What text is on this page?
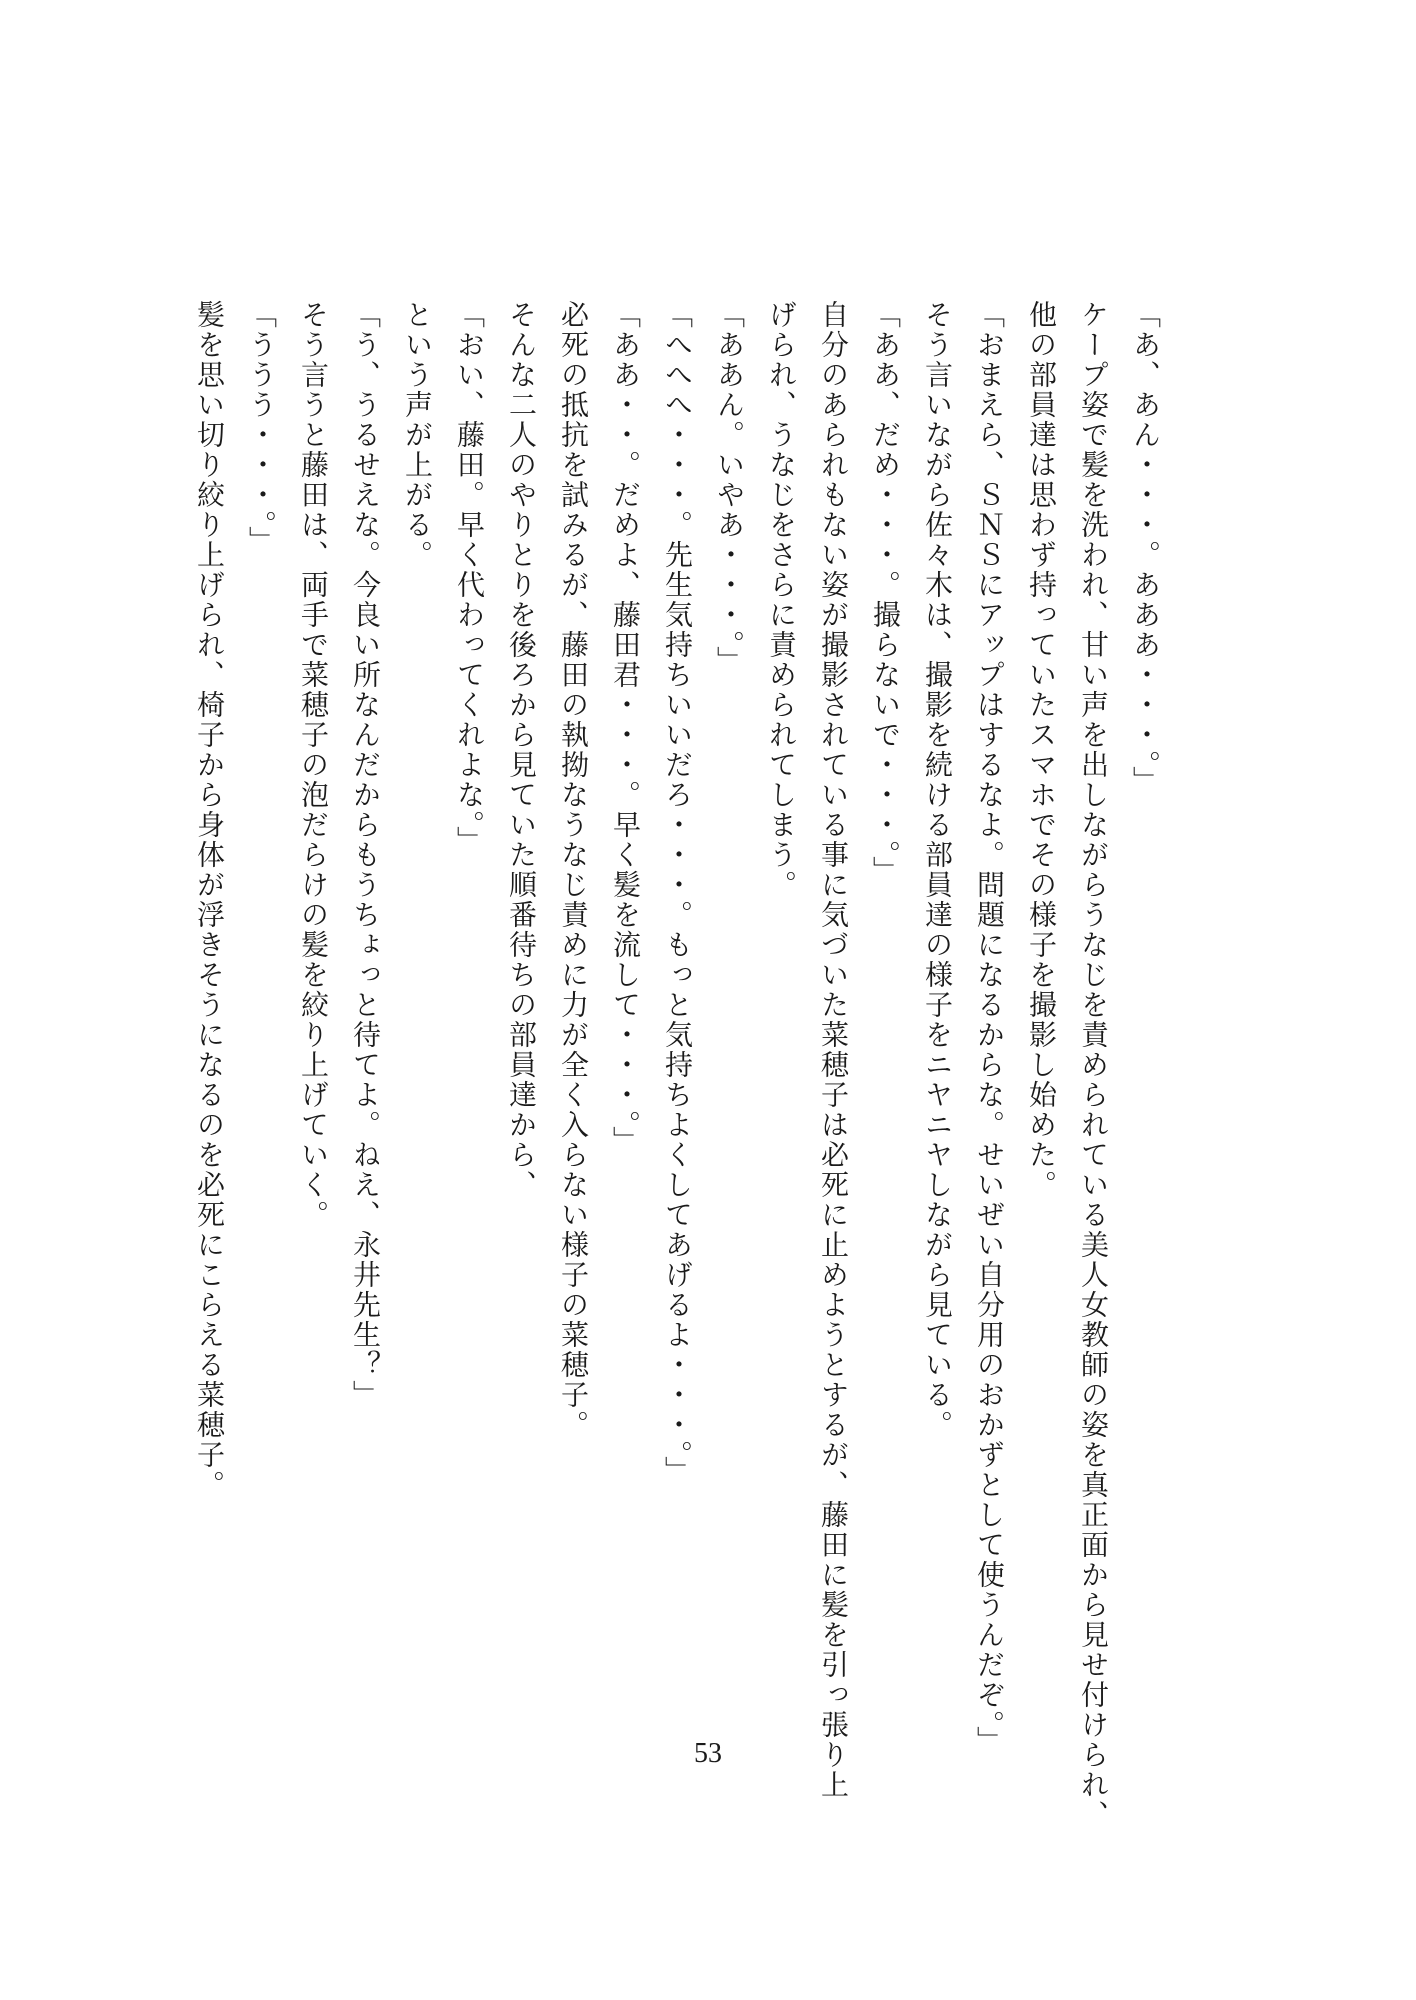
「あ、あん・・・。あああ・・・。」

ケープ姿で髪を洗われ、甘い声を出しながらうなじを責められている美人女教師の姿を真正面から見せ付けられ、

他の部員達は思わず持っていたスマホでその様子を撮影し始めた。

「おまえら、ＳＮＳにアップはするなよ。問題になるからな。せいぜい自分用のおかずとして使うんだぞ。」

そう言いながら佐々木は、撮影を続ける部員達の様子をニヤニヤしながら見ている。

「ああ、だめ・・・。撮らないで・・・。」

自分のあられもない姿が撮影されている事に気づいた菜穂子は必死に止めようとするが、藤田に髪を引っ張り上

げられ、うなじをさらに責められてしまう。

「ああん。いやあ・・・。」

「へへへ・・・。先生気持ちいいだろ・・・。もっと気持ちよくしてあげるよ・・・。」

「ああ・・。だめよ、藤田君・・・。早く髪を流して・・・。」

必死の抵抗を試みるが、藤田の執拗なうなじ責めに力が全く入らない様子の菜穂子。

そんな二人のやりとりを後ろから見ていた順番待ちの部員達から、

「おい、藤田。早く代わってくれよな。」

という声が上がる。

「う、うるせえな。今良い所なんだからもうちょっと待てよ。ねえ、永井先生？」

そう言うと藤田は、両手で菜穂子の泡だらけの髪を絞り上げていく。

「ううう・・・。」

髪を思い切り絞り上げられ、椅子から身体が浮きそうになるのを必死にこらえる菜穂子。

53
